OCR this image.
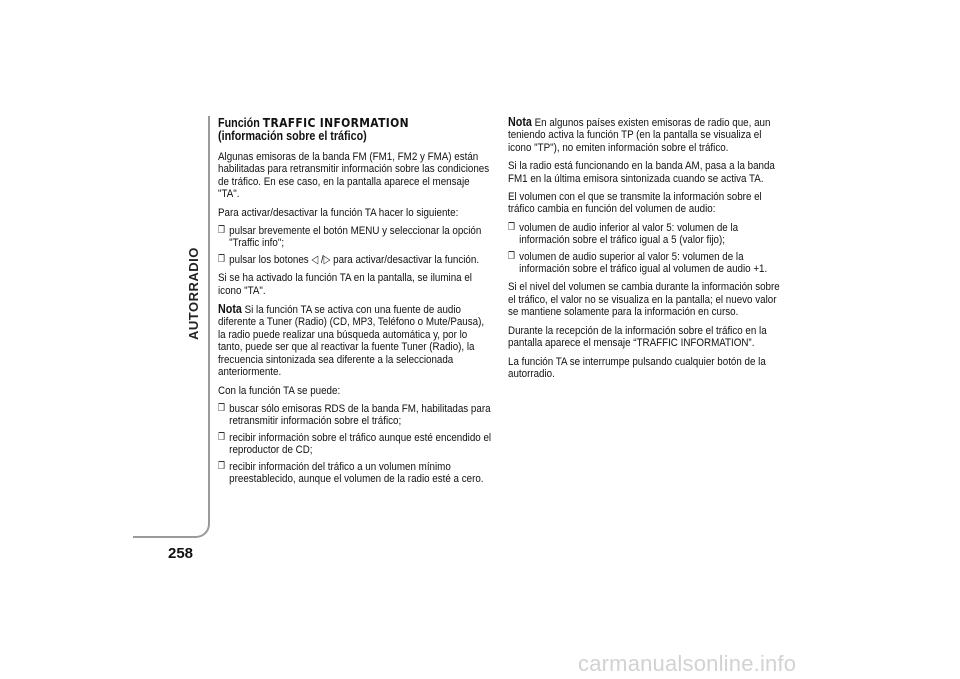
AUTORRADIO
258
Función TRAFFIC INFORMATION
(información sobre el tráfico)

Algunas emisoras de la banda FM (FM1, FM2 y FMA) están habilitadas para retransmitir información sobre las condiciones de tráfico. En ese caso, en la pantalla aparece el mensaje "TA".

Para activar/desactivar la función TA hacer lo siguiente:

❒ pulsar brevemente el botón MENU y seleccionar la opción "Traffic info";
❒ pulsar los botones ◁ /▷ para activar/desactivar la función.

Si se ha activado la función TA en la pantalla, se ilumina el icono "TA".

Nota Si la función TA se activa con una fuente de audio diferente a Tuner (Radio) (CD, MP3, Teléfono o Mute/Pausa), la radio puede realizar una búsqueda automática y, por lo tanto, puede ser que al reactivar la fuente Tuner (Radio), la frecuencia sintonizada sea diferente a la seleccionada anteriormente.

Con la función TA se puede:

❒ buscar sólo emisoras RDS de la banda FM, habilitadas para retransmitir información sobre el tráfico;
❒ recibir información sobre el tráfico aunque esté encendido el reproductor de CD;
❒ recibir información del tráfico a un volumen mínimo preestablecido, aunque el volumen de la radio esté a cero.

Nota En algunos países existen emisoras de radio que, aun teniendo activa la función TP (en la pantalla se visualiza el icono "TP"), no emiten información sobre el tráfico.

Si la radio está funcionando en la banda AM, pasa a la banda FM1 en la última emisora sintonizada cuando se activa TA.

El volumen con el que se transmite la información sobre el tráfico cambia en función del volumen de audio:

❒ volumen de audio inferior al valor 5: volumen de la información sobre el tráfico igual a 5 (valor fijo);
❒ volumen de audio superior al valor 5: volumen de la información sobre el tráfico igual al volumen de audio +1.

Si el nivel del volumen se cambia durante la información sobre el tráfico, el valor no se visualiza en la pantalla; el nuevo valor se mantiene solamente para la información en curso.

Durante la recepción de la información sobre el tráfico en la pantalla aparece el mensaje “TRAFFIC INFORMATION”.

La función TA se interrumpe pulsando cualquier botón de la autorradio.

carmanualsonline.info
